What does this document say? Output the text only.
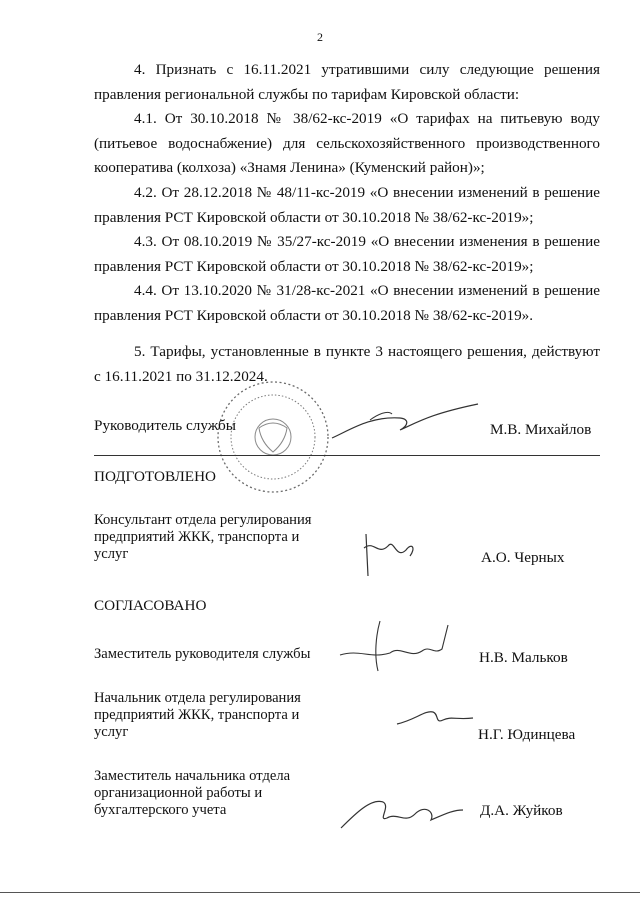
2
4. Признать с 16.11.2021 утратившими силу следующие решения правления региональной службы по тарифам Кировской области:
4.1. От 30.10.2018 № 38/62-кс-2019 «О тарифах на питьевую воду (питьевое водоснабжение) для сельскохозяйственного производственного кооператива (колхоза) «Знамя Ленина» (Куменский район)»;
4.2. От 28.12.2018 № 48/11-кс-2019 «О внесении изменений в решение правления РСТ Кировской области от 30.10.2018 № 38/62-кс-2019»;
4.3. От 08.10.2019 № 35/27-кс-2019 «О внесении изменения в решение правления РСТ Кировской области от 30.10.2018 № 38/62-кс-2019»;
4.4. От 13.10.2020 № 31/28-кс-2021 «О внесении изменений в решение правления РСТ Кировской области от 30.10.2018 № 38/62-кс-2019».
5. Тарифы, установленные в пункте 3 настоящего решения, действуют с 16.11.2021 по 31.12.2024.
Руководитель службы	М.В. Михайлов
ПОДГОТОВЛЕНО
Консультант отдела регулирования предприятий ЖКК, транспорта и услуг	А.О. Черных
СОГЛАСОВАНО
Заместитель руководителя службы	Н.В. Мальков
Начальник отдела регулирования предприятий ЖКК, транспорта и услуг	Н.Г. Юдинцева
Заместитель начальника отдела организационной работы и бухгалтерского учета	Д.А. Жуйков
